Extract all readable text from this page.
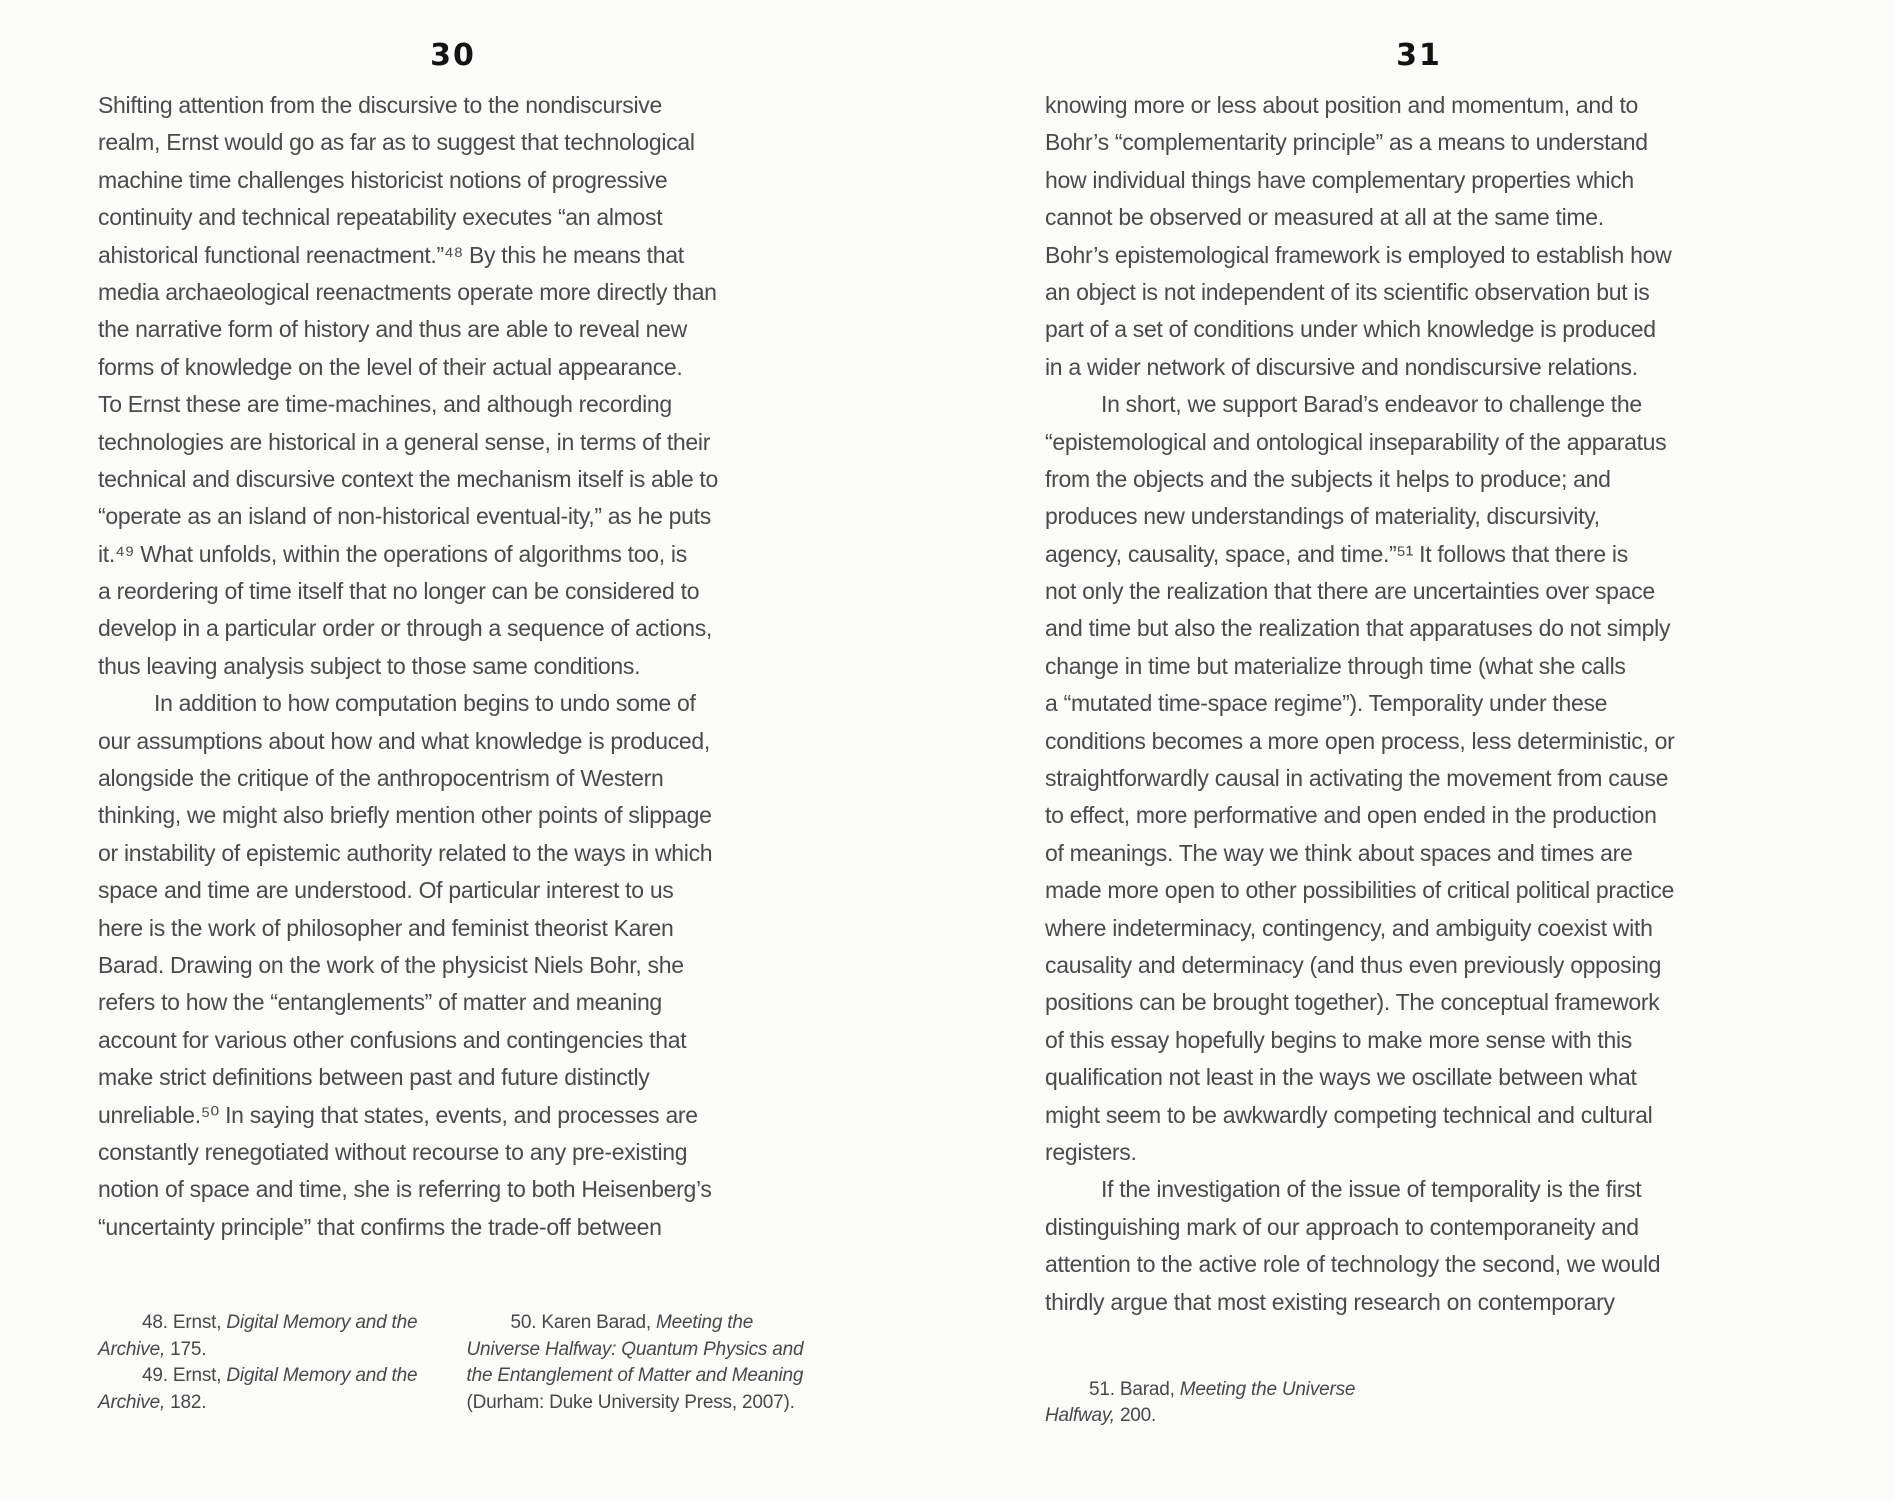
30
Shifting attention from the discursive to the nondiscursive
realm, Ernst would go as far as to suggest that technological
machine time challenges historicist notions of progressive
continuity and technical repeatability executes “an almost
ahistorical functional reenactment.”⁴⁸ By this he means that
media archaeological reenactments operate more directly than
the narrative form of history and thus are able to reveal new
forms of knowledge on the level of their actual appearance.
To Ernst these are time-machines, and although recording
technologies are historical in a general sense, in terms of their
technical and discursive context the mechanism itself is able to
“operate as an island of non-historical eventual-ity,” as he puts
it.⁴⁹ What unfolds, within the operations of algorithms too, is
a reordering of time itself that no longer can be considered to
develop in a particular order or through a sequence of actions,
thus leaving analysis subject to those same conditions.
In addition to how computation begins to undo some of
our assumptions about how and what knowledge is produced,
alongside the critique of the anthropocentrism of Western
thinking, we might also briefly mention other points of slippage
or instability of epistemic authority related to the ways in which
space and time are understood. Of particular interest to us
here is the work of philosopher and feminist theorist Karen
Barad. Drawing on the work of the physicist Niels Bohr, she
refers to how the “entanglements” of matter and meaning
account for various other confusions and contingencies that
make strict definitions between past and future distinctly
unreliable.⁵⁰ In saying that states, events, and processes are
constantly renegotiated without recourse to any pre-existing
notion of space and time, she is referring to both Heisenberg’s
“uncertainty principle” that confirms the trade-off between

48. Ernst, Digital Memory and the Archive, 175.

49. Ernst, Digital Memory and the Archive, 182.

50. Karen Barad, Meeting the Universe Halfway: Quantum Physics and the Entanglement of Matter and Meaning (Durham: Duke University Press, 2007).

31
knowing more or less about position and momentum, and to
Bohr’s “complementarity principle” as a means to understand
how individual things have complementary properties which
cannot be observed or measured at all at the same time.
Bohr’s epistemological framework is employed to establish how
an object is not independent of its scientific observation but is
part of a set of conditions under which knowledge is produced
in a wider network of discursive and nondiscursive relations.
In short, we support Barad’s endeavor to challenge the
“epistemological and ontological inseparability of the apparatus
from the objects and the subjects it helps to produce; and
produces new understandings of materiality, discursivity,
agency, causality, space, and time.”⁵¹ It follows that there is
not only the realization that there are uncertainties over space
and time but also the realization that apparatuses do not simply
change in time but materialize through time (what she calls
a “mutated time-space regime”). Temporality under these
conditions becomes a more open process, less deterministic, or
straightforwardly causal in activating the movement from cause
to effect, more performative and open ended in the production
of meanings. The way we think about spaces and times are
made more open to other possibilities of critical political practice
where indeterminacy, contingency, and ambiguity coexist with
causality and determinacy (and thus even previously opposing
positions can be brought together). The conceptual framework
of this essay hopefully begins to make more sense with this
qualification not least in the ways we oscillate between what
might seem to be awkwardly competing technical and cultural
registers.
If the investigation of the issue of temporality is the first
distinguishing mark of our approach to contemporaneity and
attention to the active role of technology the second, we would
thirdly argue that most existing research on contemporary

51. Barad, Meeting the Universe Halfway, 200.
